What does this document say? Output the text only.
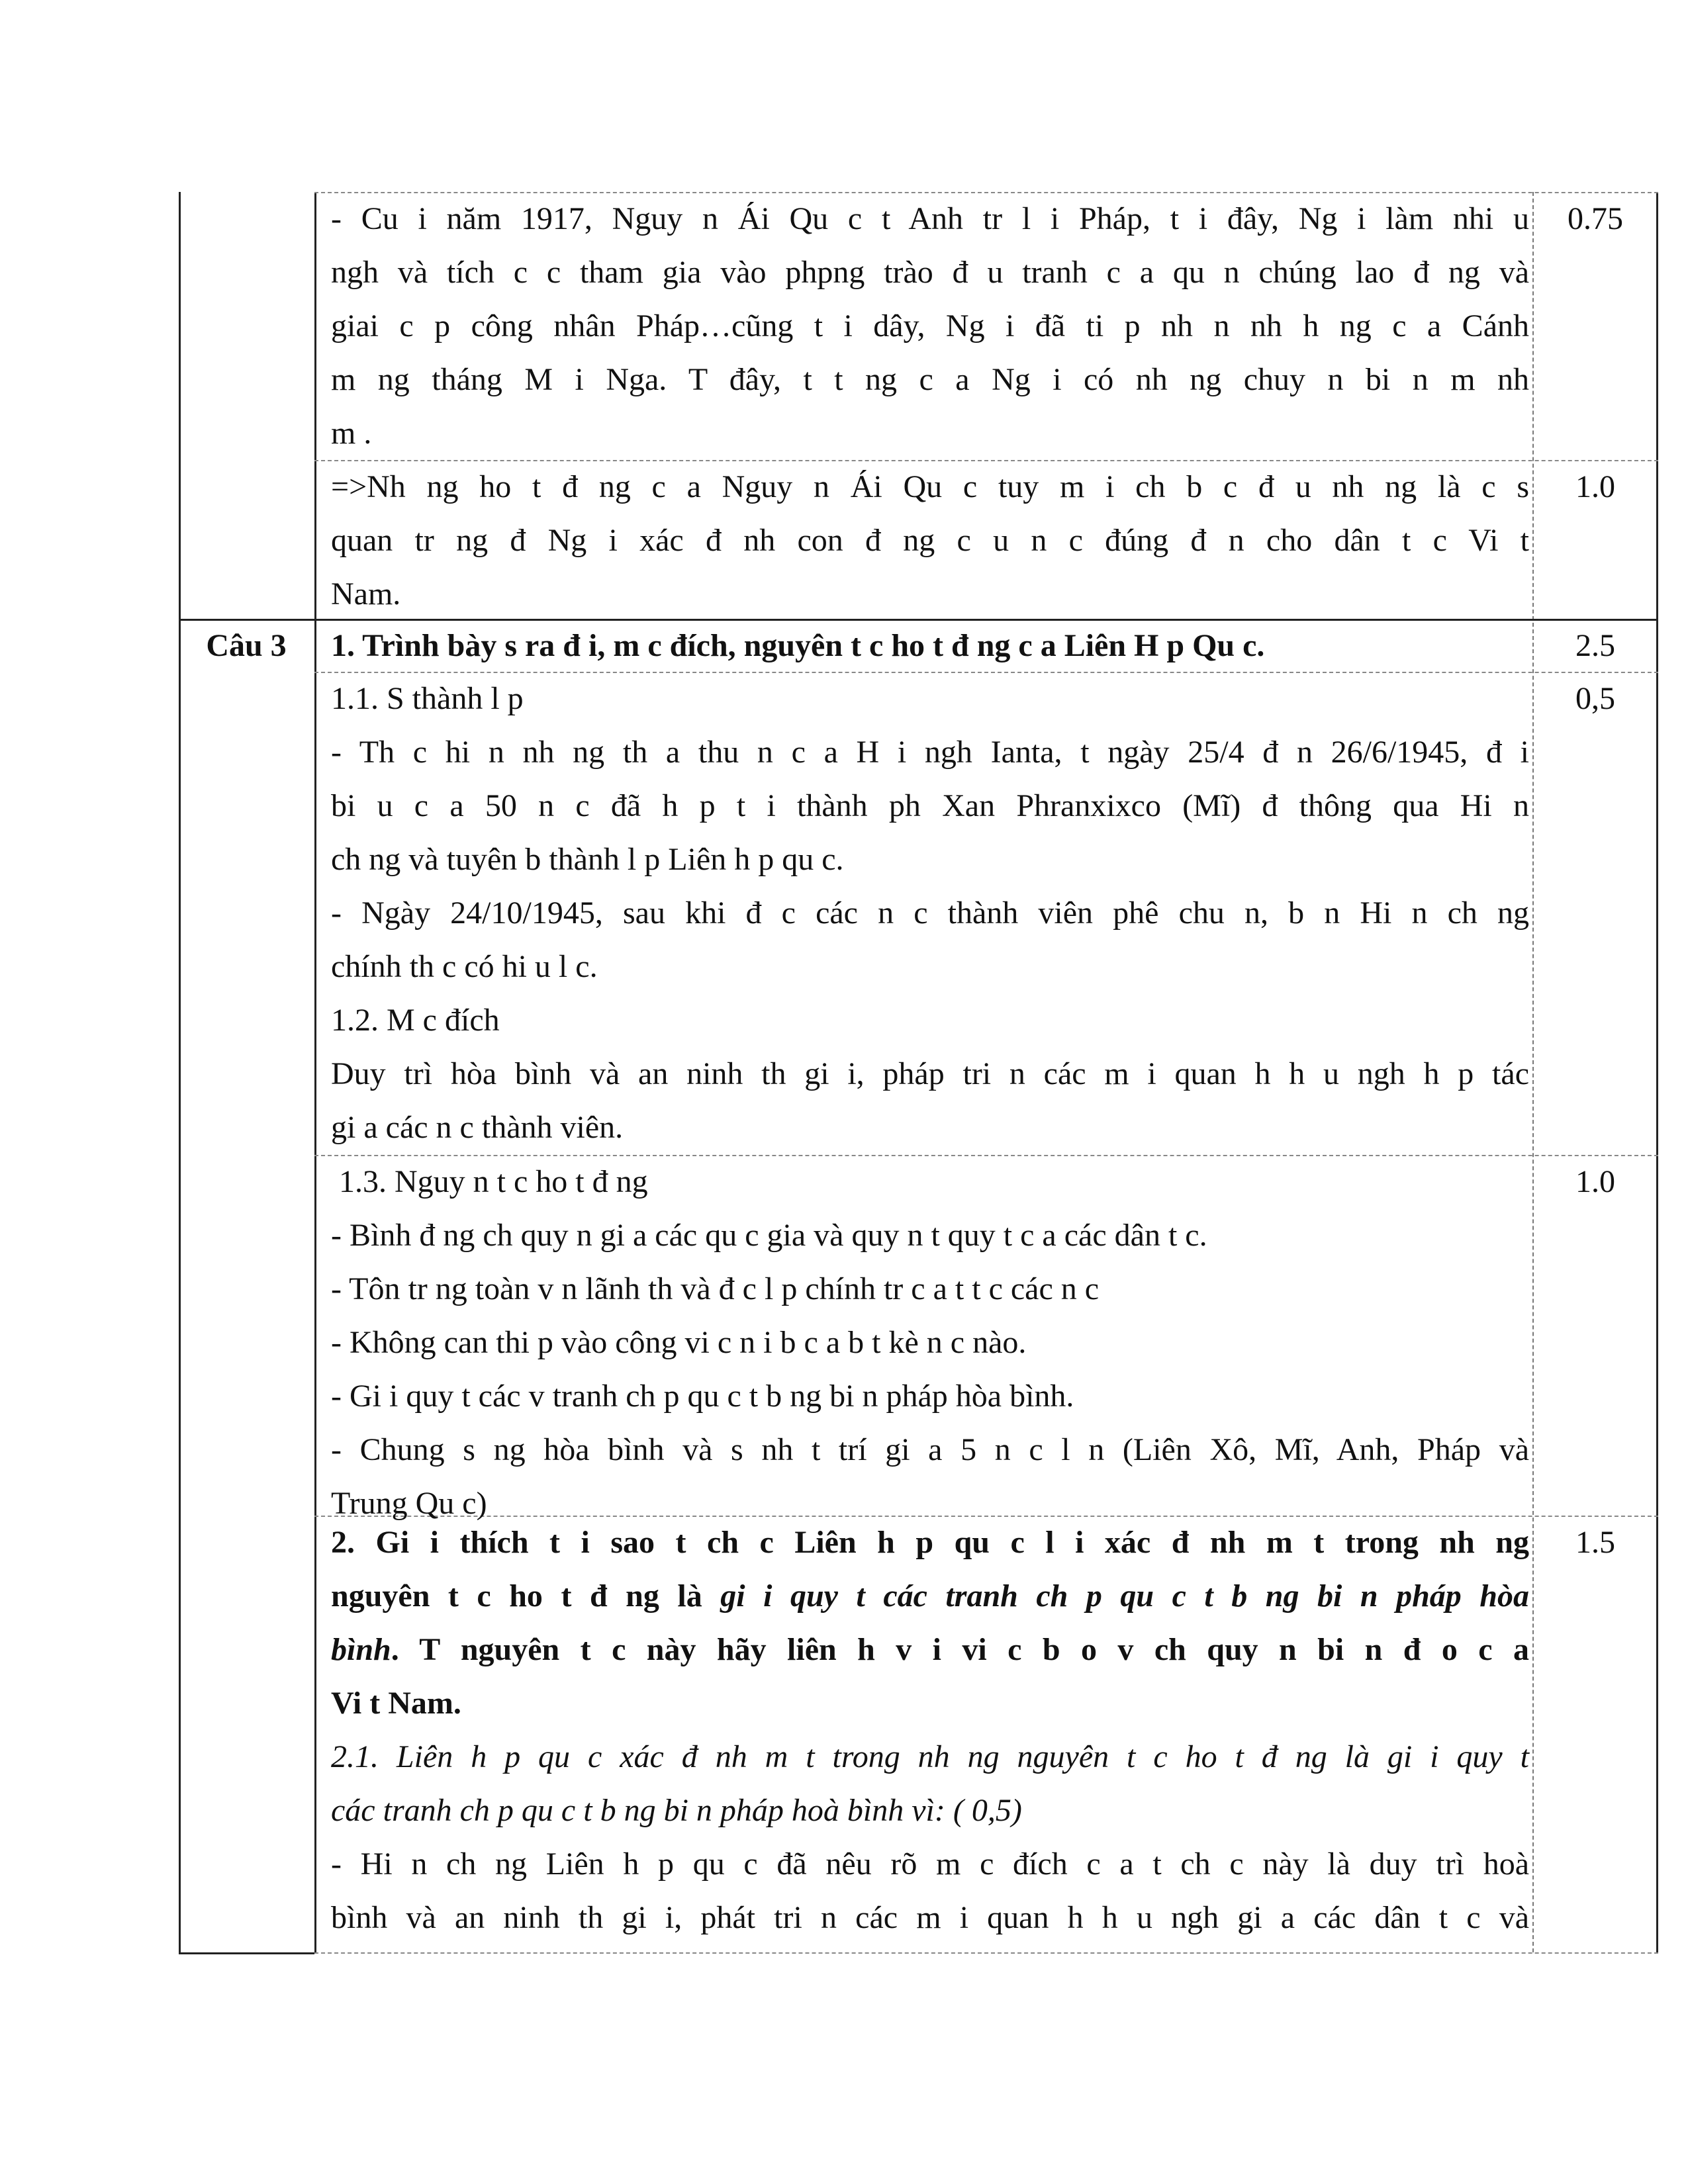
- Cu i năm 1917, Nguy n Ái Qu c t Anh tr l i Pháp, t i đây, Ng i làm nhi u
ngh và tích c c tham gia vào phpng trào đ u tranh c a qu n chúng lao đ ng và
giai c p công nhân Pháp…cũng t i dây, Ng i đã ti p nh n nh h ng c a Cánh
m ng tháng M i Nga. T đây, t t ng c a Ng i có nh ng chuy n bi n m nh
m .
0.75
=>Nh ng ho t đ ng c a Nguy n Ái Qu c tuy m i ch b c đ u nh ng là c s
quan tr ng đ Ng i xác đ nh con đ ng c u n c đúng đ n cho dân t c Vi t
Nam.
1.0
Câu 3	1. Trình bày s ra đ i, m c đích, nguyên t c ho t đ ng c a Liên H p Qu c.	2.5
1.1. S thành l p
- Th c hi n nh ng th a thu n c a H i ngh Ianta, t ngày 25/4 đ n 26/6/1945, đ i
bi u c a 50 n c đã h p t i thành ph Xan Phranxixco (Mĩ) đ thông qua Hi n
ch ng và tuyên b thành l p Liên h p qu c.
- Ngày 24/10/1945, sau khi đ c các n c thành viên phê chu n, b n Hi n ch ng
chính th c có hi u l c.
1.2. M c đích
Duy trì hòa bình và an ninh th gi i, pháp tri n các m i quan h h u ngh h p tác
gi a các n c thành viên.
0,5
1.3. Nguy n t c ho t đ ng
- Bình đ ng ch quy n gi a các qu c gia và quy n t quy t c a các dân t c.
- Tôn tr ng toàn v n lãnh th và đ c l p chính tr c a t t c các n c
- Không can thi p vào công vi c n i b c a b t kè n c nào.
- Gi i quy t các v tranh ch p qu c t b ng bi n pháp hòa bình.
- Chung s ng hòa bình và s nh t trí gi a 5 n c l n (Liên Xô, Mĩ, Anh, Pháp và
Trung Qu c)
1.0
2. Gi i thích t i sao t ch c Liên h p qu c l i xác đ nh m t trong nh ng
nguyên t c ho t đ ng là gi i quy t các tranh ch p qu c t b ng bi n pháp hòa
bình. T nguyên t c này hãy liên h v i vi c b o v ch quy n bi n đ o c a
Vi t Nam.
2.1. Liên h p qu c xác đ nh m t trong nh ng nguyên t c ho t đ ng là gi i quy t
các tranh ch p qu c t b ng bi n pháp hoà bình vì: ( 0,5)
- Hi n ch ng Liên h p qu c đã nêu rõ m c đích c a t ch c này là duy trì hoà
bình và an ninh th gi i, phát tri n các m i quan h h u ngh gi a các dân t c và
1.5
